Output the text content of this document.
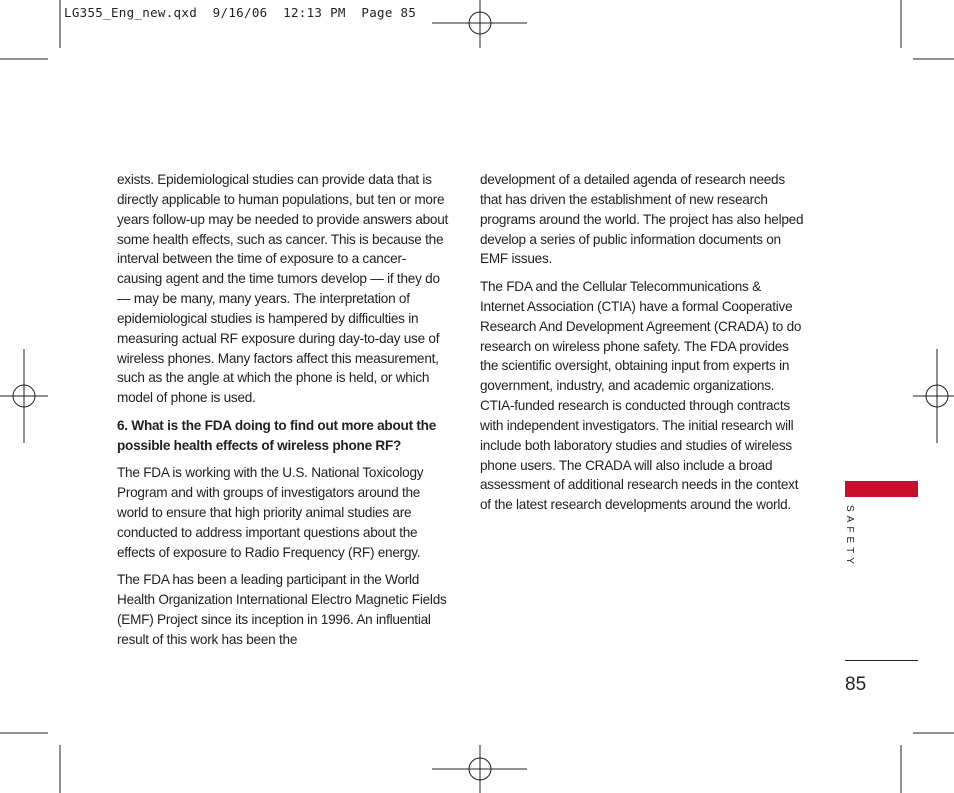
LG355_Eng_new.qxd  9/16/06  12:13 PM  Page 85

exists. Epidemiological studies can provide data that is directly applicable to human populations, but ten or more years follow-up may be needed to provide answers about some health effects, such as cancer. This is because the interval between the time of exposure to a cancer-causing agent and the time tumors develop — if they do — may be many, many years. The interpretation of epidemiological studies is hampered by difficulties in measuring actual RF exposure during day-to-day use of wireless phones. Many factors affect this measurement, such as the angle at which the phone is held, or which model of phone is used.

6. What is the FDA doing to find out more about the possible health effects of wireless phone RF?

The FDA is working with the U.S. National Toxicology Program and with groups of investigators around the world to ensure that high priority animal studies are conducted to address important questions about the effects of exposure to Radio Frequency (RF) energy.

The FDA has been a leading participant in the World Health Organization International Electro Magnetic Fields (EMF) Project since its inception in 1996. An influential result of this work has been the

development of a detailed agenda of research needs that has driven the establishment of new research programs around the world. The project has also helped develop a series of public information documents on EMF issues.

The FDA and the Cellular Telecommunications & Internet Association (CTIA) have a formal Cooperative Research And Development Agreement (CRADA) to do research on wireless phone safety. The FDA provides the scientific oversight, obtaining input from experts in government, industry, and academic organizations. CTIA-funded research is conducted through contracts with independent investigators. The initial research will include both laboratory studies and studies of wireless phone users. The CRADA will also include a broad assessment of additional research needs in the context of the latest research developments around the world.

SAFETY
85
